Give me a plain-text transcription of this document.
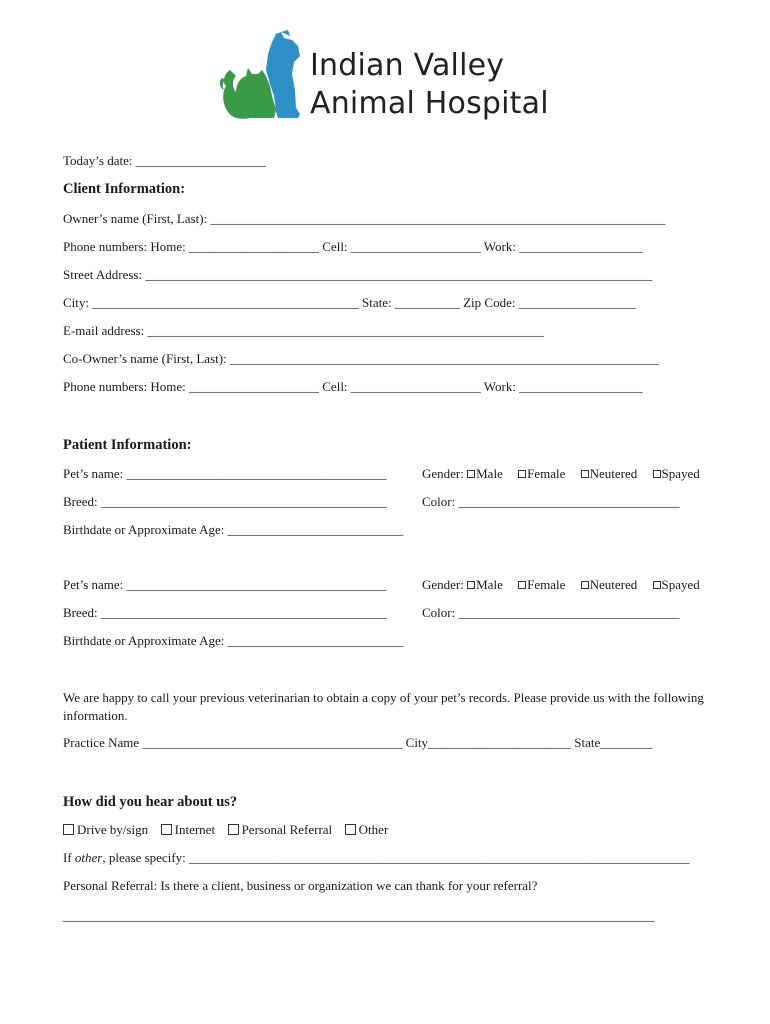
Indian Valley
Animal Hospital
Today’s date: ____________________
Client Information:
Owner’s name (First, Last): ______________________________________________________________________
Phone numbers: Home: ____________________ Cell: ____________________ Work: ___________________
Street Address: ______________________________________________________________________________
City: _________________________________________ State: __________ Zip Code: __________________
E-mail address: _____________________________________________________________
Co-Owner’s name (First, Last): __________________________________________________________________
Phone numbers: Home: ____________________ Cell: ____________________ Work: ___________________
Patient Information:
Pet’s name: ________________________________________	Gender: Male Female Neutered Spayed
Breed: ____________________________________________	Color: __________________________________
Birthdate or Approximate Age: ___________________________
Pet’s name: ________________________________________	Gender: Male Female Neutered Spayed
Breed: ____________________________________________	Color: __________________________________
Birthdate or Approximate Age: ___________________________
We are happy to call your previous veterinarian to obtain a copy of your pet’s records. Please provide us with the following information.
Practice Name ________________________________________ City______________________ State________
How did you hear about us?
Drive by/sign Internet Personal Referral Other
If other, please specify: _____________________________________________________________________________
Personal Referral: Is there a client, business or organization we can thank for your referral?
___________________________________________________________________________________________
